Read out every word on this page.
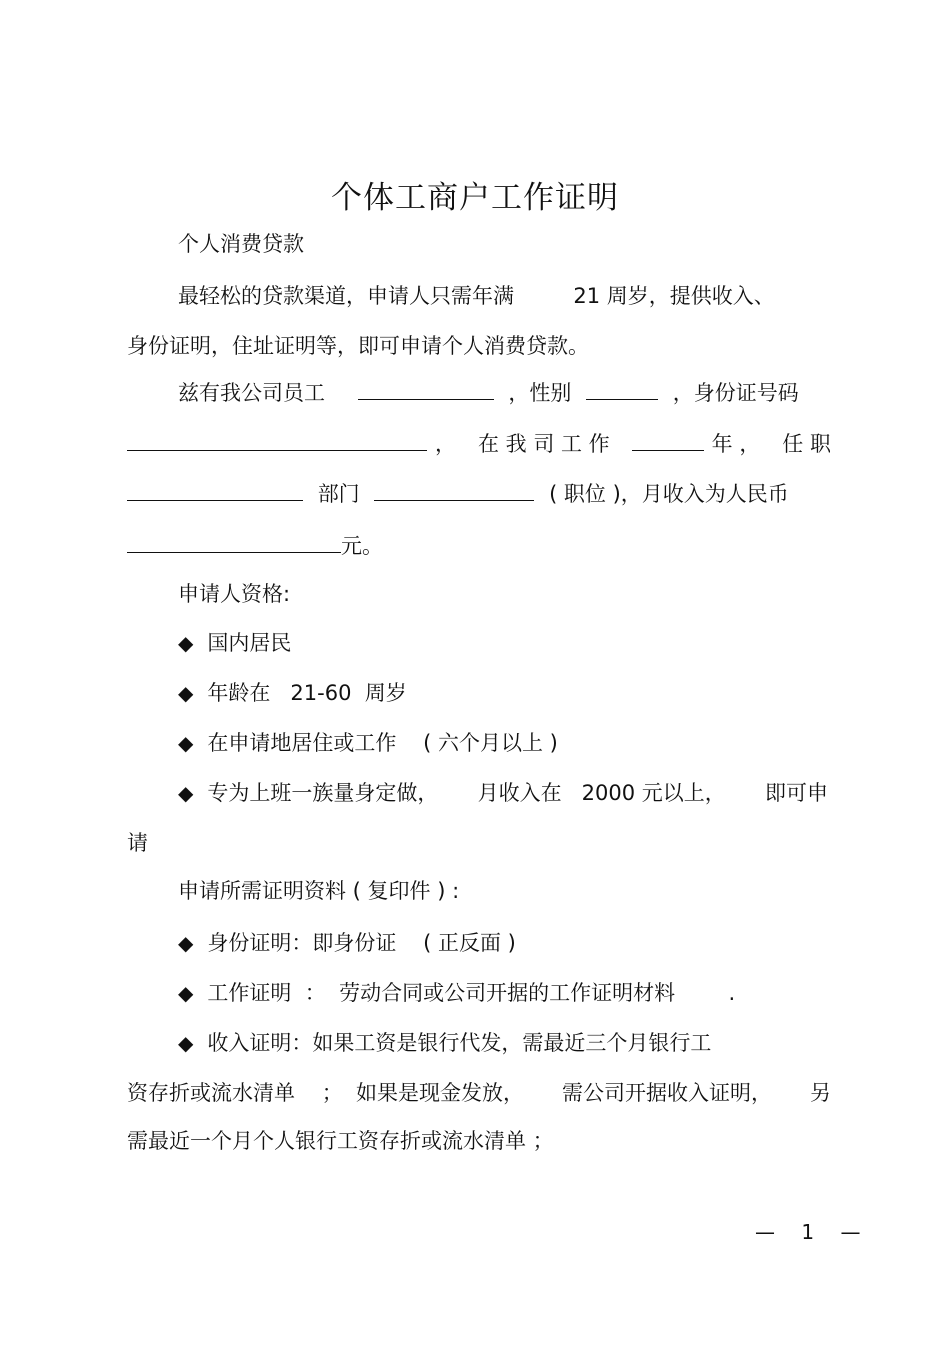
个体工商户工作证明
个人消费贷款
最轻松的贷款渠道，申请人只需年满	21 周岁，提供收入、
身份证明，住址证明等，即可申请个人消费贷款。
兹有我公司员工	，性别	，身份证号码
， 在 我 司 工 作	年 ， 任 职
部门	( 职位 )，月收入为人民币
元。
申请人资格:
◆ 国内居民
◆ 年龄在   21-60  周岁
◆ 在申请地居住或工作    ( 六个月以上 )
◆ 专为上班一族量身定做， 月收入在   2000 元以上， 即可申
请
申请所需证明资料 ( 复印件 ) :
◆ 身份证明：即身份证    ( 正反面 )
◆ 工作证明  ：  劳动合同或公司开据的工作证明材料        .
◆ 收入证明：如果工资是银行代发，需最近三个月银行工
资存折或流水清单    ；  如果是现金发放， 需公司开据收入证明， 另
需最近一个月个人银行工资存折或流水清单 ；
— 1 —
